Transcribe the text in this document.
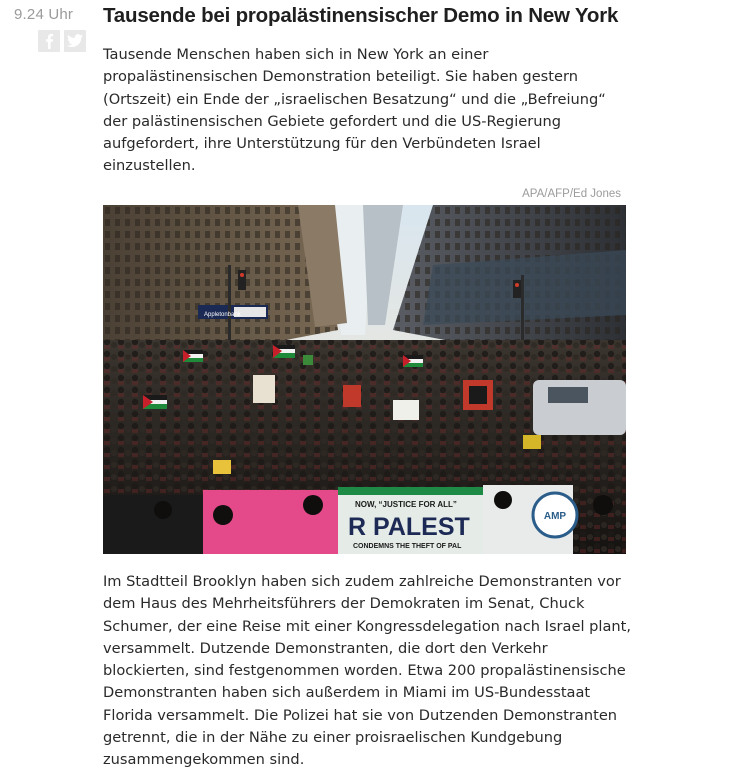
9.24 Uhr Tausende bei propalästinensischer Demo in New York

Tausende Menschen haben sich in New York an einer propalästinensischen Demonstration beteiligt. Sie haben gestern (Ortszeit) ein Ende der „israelischen Besatzung“ und die „Befreiung“ der palästinensischen Gebiete gefordert und die US-Regierung aufgefordert, ihre Unterstützung für den Verbündeten Israel einzustellen.

APA/AFP/Ed Jones
AMP
NOW, “JUSTICE FOR ALL”
R PALEST
CONDEMNS THE THEFT OF PAL
Appletonbank

Im Stadtteil Brooklyn haben sich zudem zahlreiche Demonstranten vor dem Haus des Mehrheitsführers der Demokraten im Senat, Chuck Schumer, der eine Reise mit einer Kongressdelegation nach Israel plant, versammelt. Dutzende Demonstranten, die dort den Verkehr blockierten, sind festgenommen worden. Etwa 200 propalästinensische Demonstranten haben sich außerdem in Miami im US-Bundesstaat Florida versammelt. Die Polizei hat sie von Dutzenden Demonstranten getrennt, die in der Nähe zu einer proisraelischen Kundgebung zusammengekommen sind.
